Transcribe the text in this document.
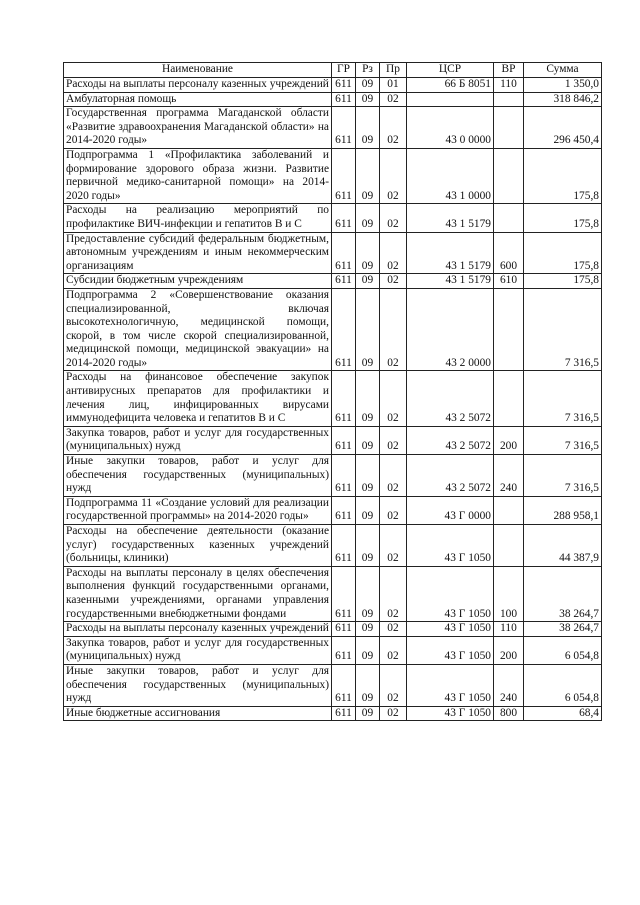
Наименование	ГР	Рз	Пр	ЦСР	ВР	Сумма
Расходы на выплаты персоналу казенных учреждений	611	09	01	66 Б 8051	110	1 350,0
Амбулаторная помощь	611	09	02			318 846,2
Государственная программа Магаданской области «Развитие здравоохранения Магаданской области» на 2014-2020 годы»	611	09	02	43 0 0000		296 450,4
Подпрограмма 1 «Профилактика заболеваний и формирование здорового образа жизни. Развитие первичной медико-санитарной помощи» на 2014-2020 годы»	611	09	02	43 1 0000		175,8
Расходы на реализацию мероприятий по профилактике ВИЧ-инфекции и гепатитов В и С	611	09	02	43 1 5179		175,8
Предоставление субсидий федеральным бюджетным, автономным учреждениям и иным некоммерческим организациям	611	09	02	43 1 5179	600	175,8
Субсидии бюджетным учреждениям	611	09	02	43 1 5179	610	175,8
Подпрограмма 2 «Совершенствование оказания специализированной, включая высокотехнологичную, медицинской помощи, скорой, в том числе скорой специализированной, медицинской помощи, медицинской эвакуации» на 2014-2020 годы»	611	09	02	43 2 0000		7 316,5
Расходы на финансовое обеспечение закупок антивирусных препаратов для профилактики и лечения лиц, инфицированных вирусами иммунодефицита человека и гепатитов В и С	611	09	02	43 2 5072		7 316,5
Закупка товаров, работ и услуг для государственных (муниципальных) нужд	611	09	02	43 2 5072	200	7 316,5
Иные закупки товаров, работ и услуг для обеспечения государственных (муниципальных) нужд	611	09	02	43 2 5072	240	7 316,5
Подпрограмма 11 «Создание условий для реализации государственной программы» на 2014-2020 годы»	611	09	02	43 Г 0000		288 958,1
Расходы на обеспечение деятельности (оказание услуг) государственных казенных учреждений (больницы, клиники)	611	09	02	43 Г 1050		44 387,9
Расходы на выплаты персоналу в целях обеспечения выполнения функций государственными органами, казенными учреждениями, органами управления государственными внебюджетными фондами	611	09	02	43 Г 1050	100	38 264,7
Расходы на выплаты персоналу казенных учреждений	611	09	02	43 Г 1050	110	38 264,7
Закупка товаров, работ и услуг для государственных (муниципальных) нужд	611	09	02	43 Г 1050	200	6 054,8
Иные закупки товаров, работ и услуг для обеспечения государственных (муниципальных) нужд	611	09	02	43 Г 1050	240	6 054,8
Иные бюджетные ассигнования	611	09	02	43 Г 1050	800	68,4
